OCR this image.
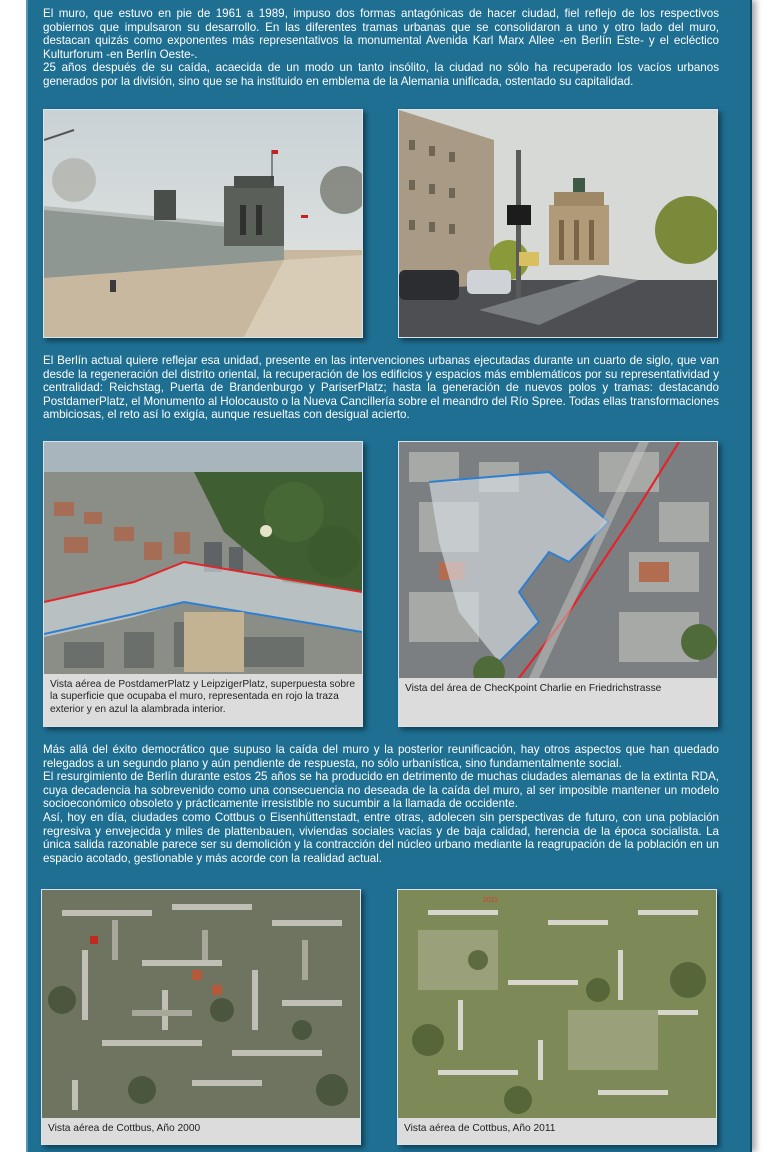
El muro, que estuvo en pie de 1961 a 1989, impuso dos formas antagónicas de hacer ciudad, fiel reflejo de los respectivos gobiernos que impulsaron su desarrollo. En las diferentes tramas urbanas que se consolidaron a uno y otro lado del muro, destacan quizás como exponentes más representativos la monumental Avenida Karl Marx Allee -en Berlín Este- y el ecléctico Kulturforum -en Berlín Oeste-.

25 años después de su caída, acaecida de un modo un tanto insólito, la ciudad no sólo ha recuperado los vacíos urbanos generados por la división, sino que se ha instituido en emblema de la Alemania unificada, ostentado su capitalidad.

El Berlín actual quiere reflejar esa unidad, presente en las intervenciones urbanas ejecutadas durante un cuarto de siglo, que van desde la regeneración del distrito oriental, la recuperación de los edificios y espacios más emblemáticos por su representatividad y centralidad: Reichstag, Puerta de Brandenburgo y PariserPlatz; hasta la generación de nuevos polos y tramas: destacando PostdamerPlatz, el Monumento al Holocausto o la Nueva Cancillería sobre el meandro del Río Spree. Todas ellas transformaciones ambiciosas, el reto así lo exigía, aunque resueltas con desigual acierto.

Vista aérea de PostdamerPlatz y LeipzigerPlatz, superpuesta sobre la superficie que ocupaba el muro, representada en rojo la traza exterior y en azul la alambrada interior.
Vista del área de ChecKpoint Charlie en Friedrichstrasse

Más allá del éxito democrático que supuso la caída del muro y la posterior reunificación, hay otros aspectos que han quedado relegados a un segundo plano y aún pendiente de respuesta, no sólo urbanística, sino fundamentalmente social.

El resurgimiento de Berlín durante estos 25 años se ha producido en detrimento de muchas ciudades alemanas de la extinta RDA, cuya decadencia ha sobrevenido como una consecuencia no deseada de la caída del muro, al ser imposible mantener un modelo socioeconómico obsoleto y prácticamente irresistible no sucumbir a la llamada de occidente.

Así, hoy en día, ciudades como Cottbus o Eisenhüttenstadt, entre otras, adolecen sin perspectivas de futuro, con una población regresiva y envejecida y miles de plattenbauen, viviendas sociales vacías y de baja calidad, herencia de la época socialista. La única salida razonable parece ser su demolición y la contracción del núcleo urbano mediante la reagrupación de la población en un espacio acotado, gestionable y más acorde con la realidad actual.

Vista aérea de Cottbus, Año 2000
2011
Vista aérea de Cottbus, Año 2011
